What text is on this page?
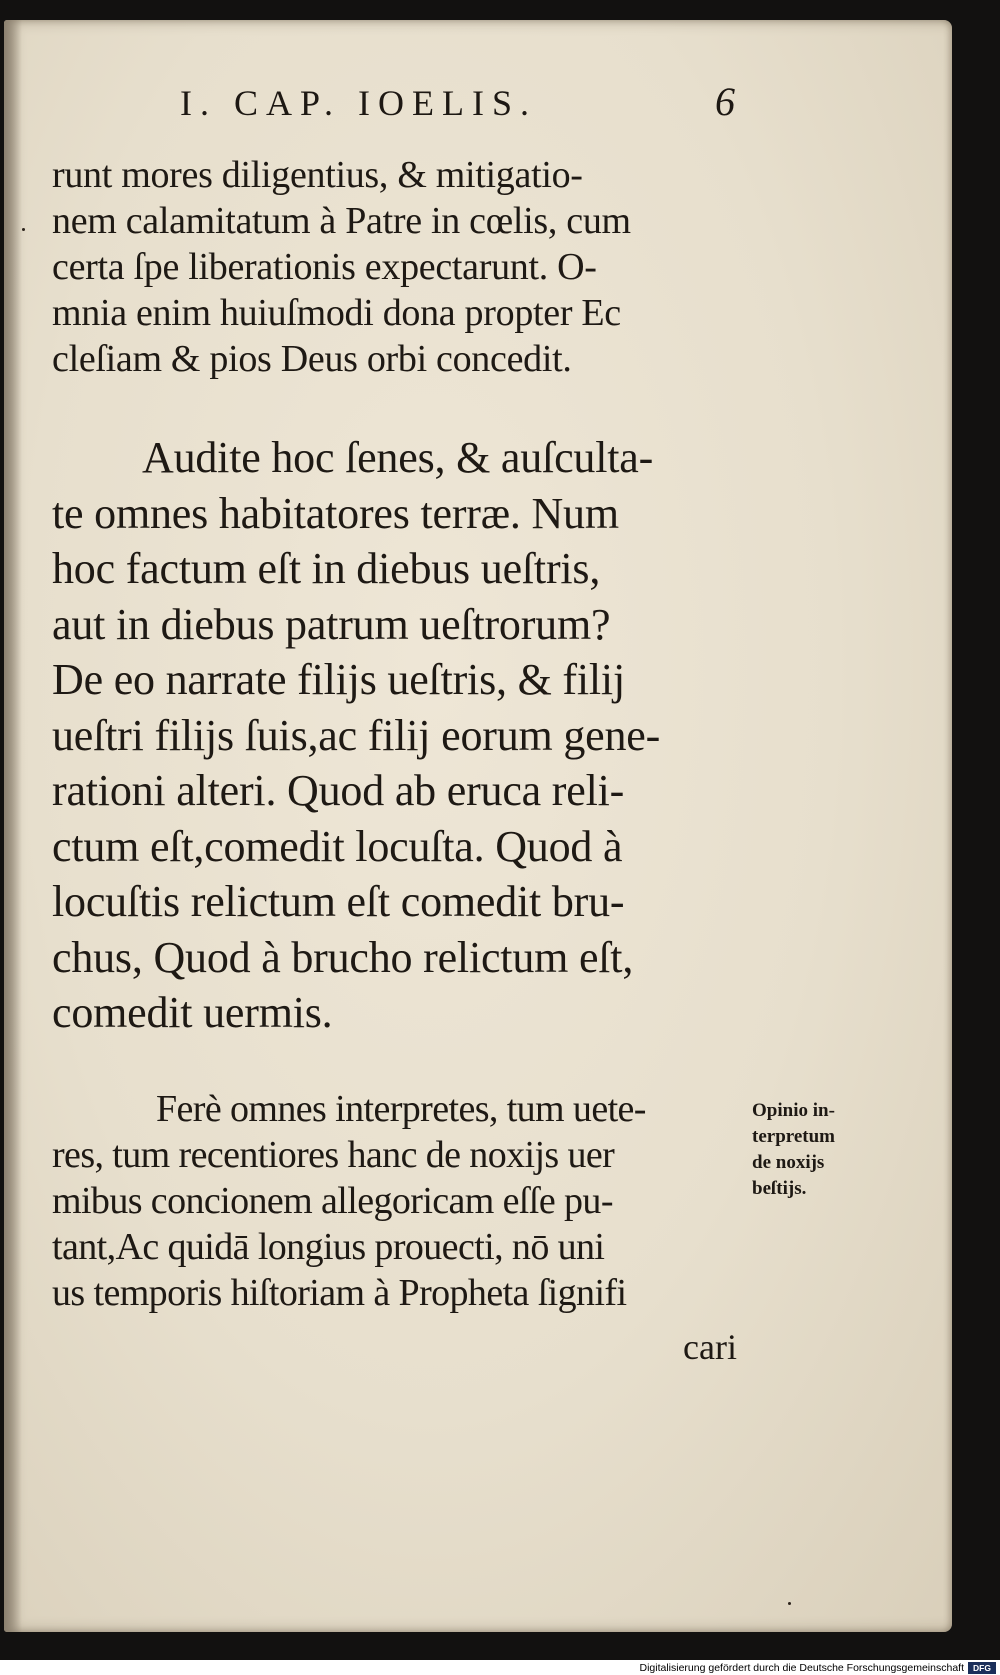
I. CAP. IOELIS.	6
runt mores diligentius, & mitigatio-
nem calamitatum à Patre in cœlis, cum
certa ſpe liberationis expectarunt. O-
mnia enim huiuſmodi dona propter Ec
cleſiam & pios Deus orbi concedit.
Audite hoc ſenes, & auſculta-
te omnes habitatores terræ. Num
hoc factum eſt in diebus ueſtris,
aut in diebus patrum ueſtrorum?
De eo narrate filijs ueſtris, & filij
ueſtri filijs ſuis,ac filij eorum gene-
rationi alteri. Quod ab eruca reli-
ctum eſt,comedit locuſta. Quod à
locuſtis relictum eſt comedit bru-
chus, Quod à brucho relictum eſt,
comedit uermis.
Ferè omnes interpretes, tum uete-
res, tum recentiores hanc de noxijs uer
mibus concionem allegoricam eſſe pu-
tant,Ac quidā longius prouecti, nō uni
us temporis hiſtoriam à Propheta ſignifi
Opinio in-
terpretum
de noxijs
beſtijs.
cari
Digitalisierung gefördert durch die Deutsche Forschungsgemeinschaft	DFG
